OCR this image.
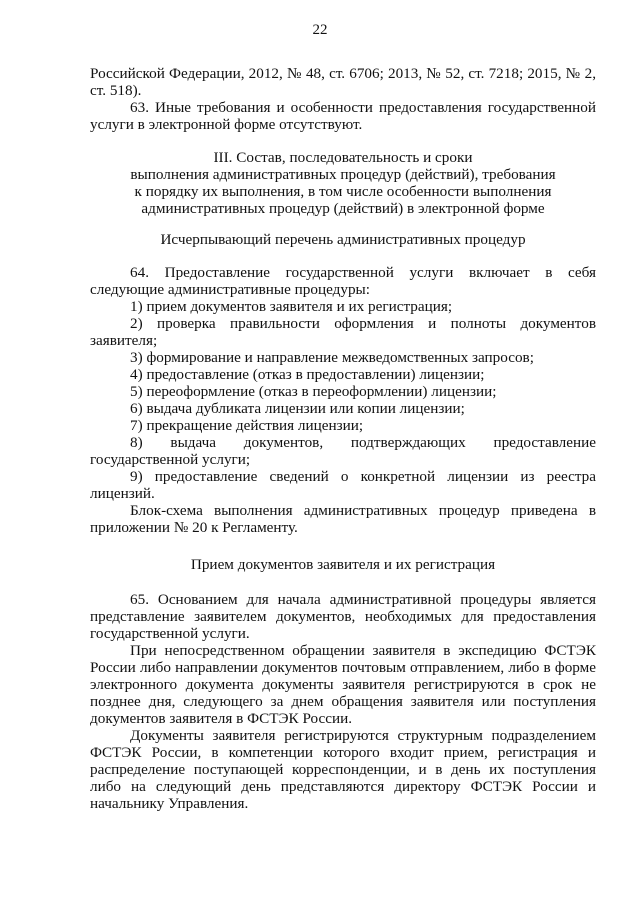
22

Российской Федерации, 2012, № 48, ст. 6706; 2013, № 52, ст. 7218; 2015, № 2, ст. 518).

63. Иные требования и особенности предоставления государственной услуги в электронной форме отсутствуют.

III. Состав, последовательность и сроки

выполнения административных процедур (действий), требования

к порядку их выполнения, в том числе особенности выполнения

административных процедур (действий) в электронной форме

Исчерпывающий перечень административных процедур

64. Предоставление государственной услуги включает в себя следующие административные процедуры:

1) прием документов заявителя и их регистрация;

2) проверка правильности оформления и полноты документов заявителя;

3) формирование и направление межведомственных запросов;

4) предоставление (отказ в предоставлении) лицензии;

5) переоформление (отказ в переоформлении) лицензии;

6) выдача дубликата лицензии или копии лицензии;

7) прекращение действия лицензии;

8) выдача документов, подтверждающих предоставление государственной услуги;

9) предоставление сведений о конкретной лицензии из реестра лицензий.

Блок-схема выполнения административных процедур приведена в приложении № 20 к Регламенту.

Прием документов заявителя и их регистрация

65. Основанием для начала административной процедуры является представление заявителем документов, необходимых для предоставления государственной услуги.

При непосредственном обращении заявителя в экспедицию ФСТЭК России либо направлении документов почтовым отправлением, либо в форме электронного документа документы заявителя регистрируются в срок не позднее дня, следующего за днем обращения заявителя или поступления документов заявителя в ФСТЭК России.

Документы заявителя регистрируются структурным подразделением ФСТЭК России, в компетенции которого входит прием, регистрация и распределение поступающей корреспонденции, и в день их поступления либо на следующий день представляются директору ФСТЭК России и начальнику Управления.
